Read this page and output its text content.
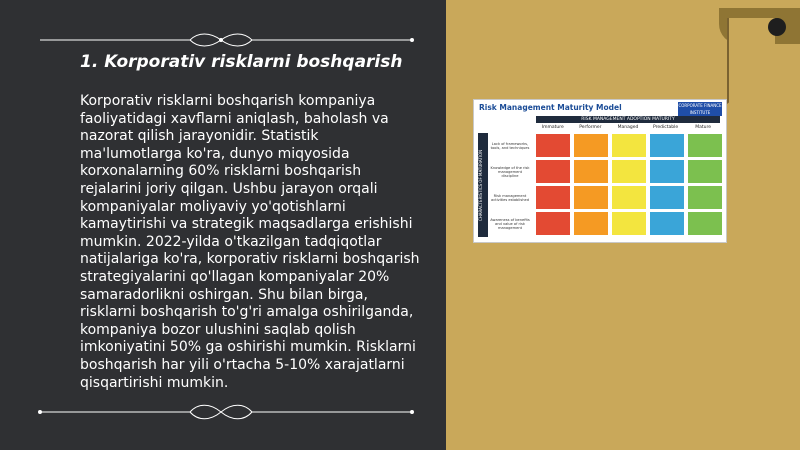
1. Korporativ risklarni boshqarish

Korporativ risklarni boshqarish kompaniya faoliyatidagi xavflarni aniqlash, baholash va nazorat qilish jarayonidir. Statistik ma'lumotlarga ko'ra, dunyo miqyosida korxonalarning 60% risklarni boshqarish rejalarini joriy qilgan. Ushbu jarayon orqali kompaniyalar moliyaviy yo'qotishlarni kamaytirishi va strategik maqsadlarga erishishi mumkin. 2022-yilda o'tkazilgan tadqiqotlar natijalariga ko'ra, korporativ risklarni boshqarish strategiyalarini qo'llagan kompaniyalar 20% samaradorlikni oshirgan. Shu bilan birga, risklarni boshqarish to'g'ri amalga oshirilganda, kompaniya bozor ulushini saqlab qolish imkoniyatini 50% ga oshirishi mumkin. Risklarni boshqarish har yili o'rtacha 5-10% xarajatlarni qisqartirishi mumkin.

Risk Management Maturity Model	CORPORATE FINANCE INSTITUTE
RISK MANAGEMENT ADOPTION MATURITY
Immature	Performer	Managed	Predictable	Mature
CHARACTERISTICS OF MATURATION
Lack of frameworks, tools, and techniques
Knowledge of the risk management discipline
Risk management activities established
Awareness of benefits and value of risk management
